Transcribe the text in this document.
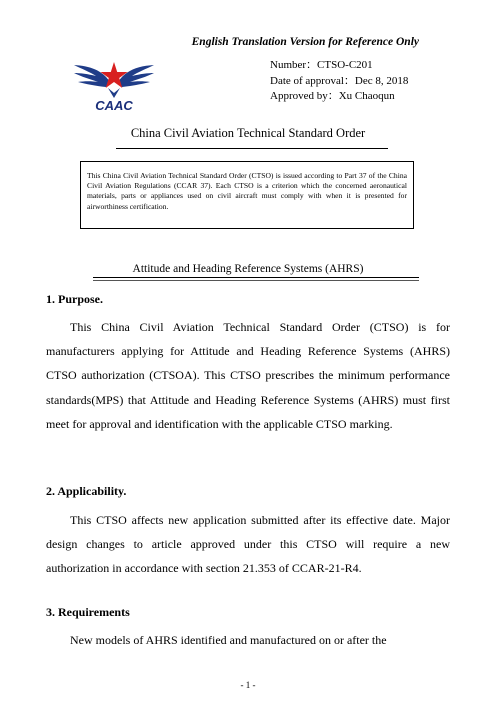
English Translation Version for Reference Only
CAAC
Number：CTSO-C201
Date of approval：Dec 8, 2018
Approved by：Xu Chaoqun
China Civil Aviation Technical Standard Order
This China Civil Aviation Technical Standard Order (CTSO) is issued according to Part 37 of the China Civil Aviation Regulations (CCAR 37). Each CTSO is a criterion which the concerned aeronautical materials, parts or appliances used on civil aircraft must comply with when it is presented for airworthiness certification.
Attitude and Heading Reference Systems (AHRS)
1. Purpose.
This China Civil Aviation Technical Standard Order (CTSO) is for manufacturers applying for Attitude and Heading Reference Systems (AHRS) CTSO authorization (CTSOA). This CTSO prescribes the minimum performance standards(MPS) that Attitude and Heading Reference Systems (AHRS) must first meet for approval and identification with the applicable CTSO marking.
2. Applicability.
This CTSO affects new application submitted after its effective date. Major design changes to article approved under this CTSO will require a new authorization in accordance with section 21.353 of CCAR-21-R4.
3. Requirements
New models of AHRS identified and manufactured on or after the
- 1 -
